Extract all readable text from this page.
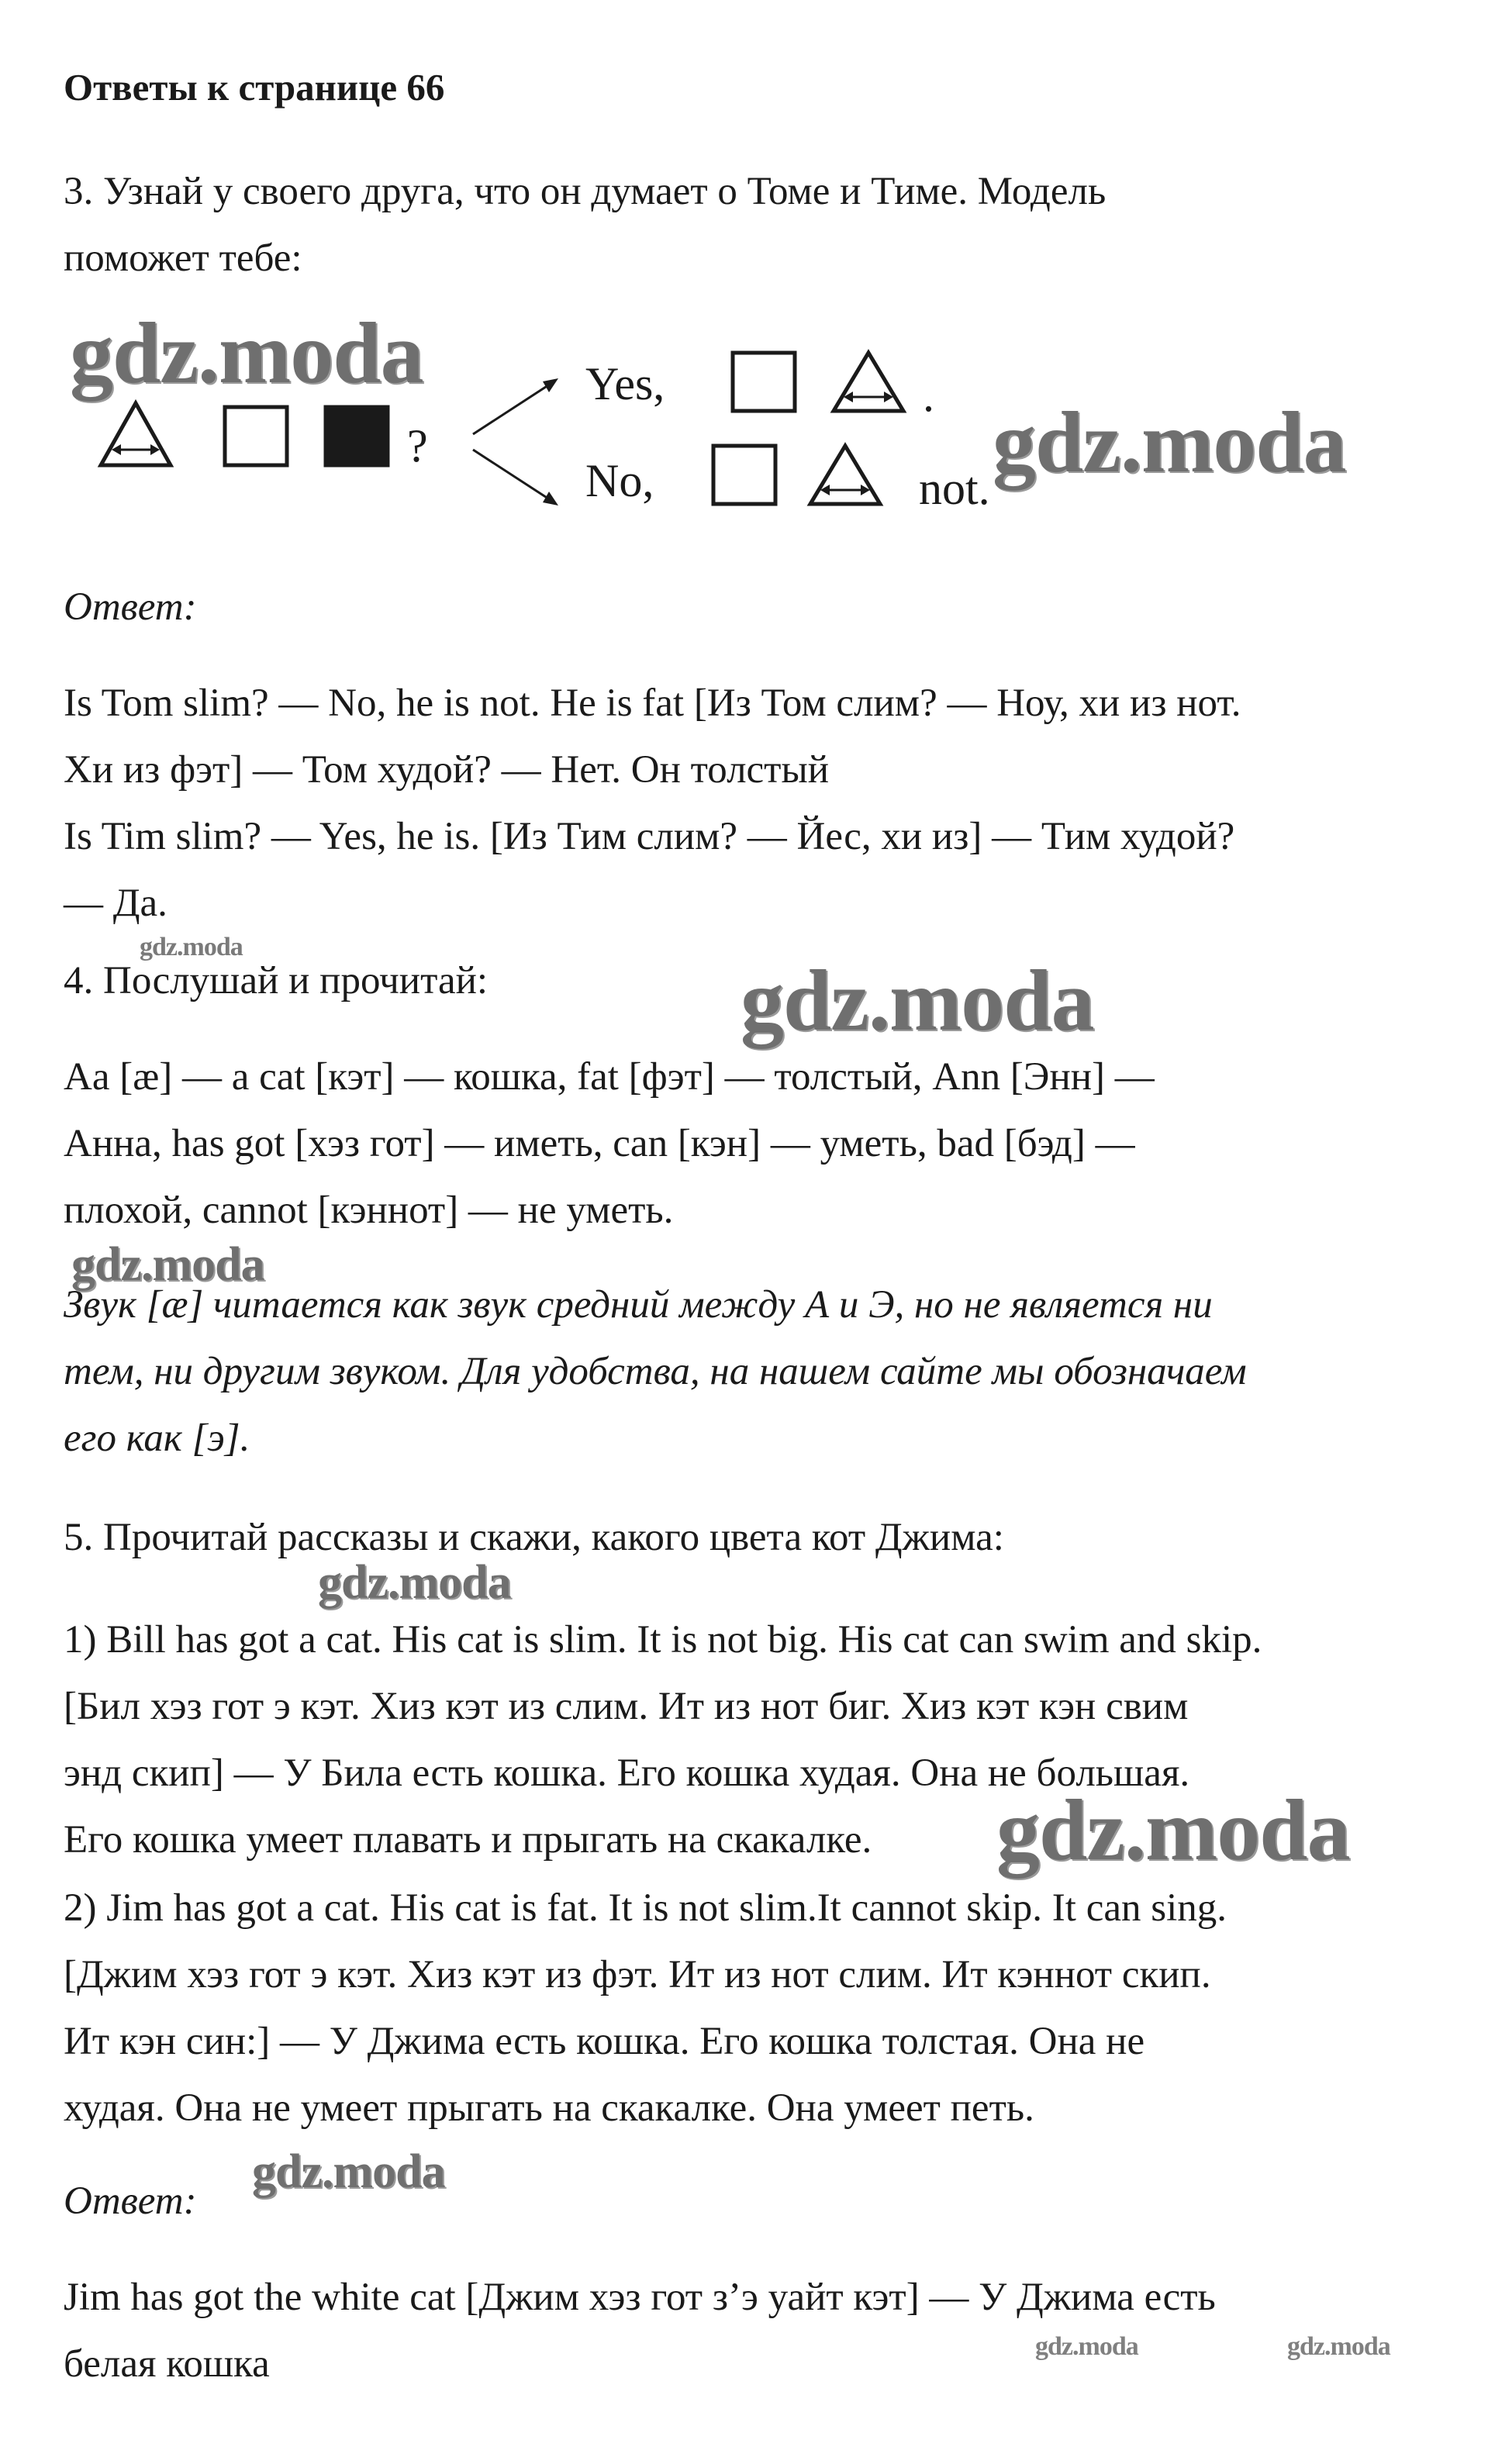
Ответы к странице 66

3. Узнай у своего друга, что он думает о Томе и Тиме. Модель

поможет тебе:

?
Yes,	.
No,	not.

Ответ:

Is Tom slim? — No, he is not. He is fat [Из Том слим? — Ноу, хи из нот.

Хи из фэт] — Том худой? — Нет. Он толстый

Is Tim slim? — Yes, he is. [Из Тим слим? — Йес, хи из] — Тим худой?

— Да.

4. Послушай и прочитай:

Aa [æ] — a cat [кэт] — кошка, fat [фэт] — толстый, Ann [Энн] —

Анна, has got [хэз гот] — иметь, can [кэн] — уметь, bad [бэд] —

плохой, cannot [кэннот] — не уметь.

Звук [æ] читается как звук средний между А и Э, но не является ни

тем, ни другим звуком. Для удобства, на нашем сайте мы обозначаем

его как [э].

5. Прочитай рассказы и скажи, какого цвета кот Джима:

1) Bill has got a cat. His cat is slim. It is not big. His cat can swim and skip.

[Бил хэз гот э кэт. Хиз кэт из слим. Ит из нот биг. Хиз кэт кэн свим

энд скип] — У Била есть кошка. Его кошка худая. Она не большая.

Его кошка умеет плавать и прыгать на скакалке.

2) Jim has got a cat. His cat is fat. It is not slim.It cannot skip. It can sing.

[Джим хэз гот э кэт. Хиз кэт из фэт. Ит из нот слим. Ит кэннот скип.

Ит кэн син:] — У Джима есть кошка. Его кошка толстая. Она не

худая. Она не умеет прыгать на скакалке. Она умеет петь.

Ответ:

Jim has got the white cat [Джим хэз гот з’э уайт кэт] — У Джима есть

белая кошка

gdz.moda
gdz.moda
gdz.moda
gdz.moda
gdz.moda
gdz.moda
gdz.moda
gdz.moda
gdz.moda	gdz.moda
